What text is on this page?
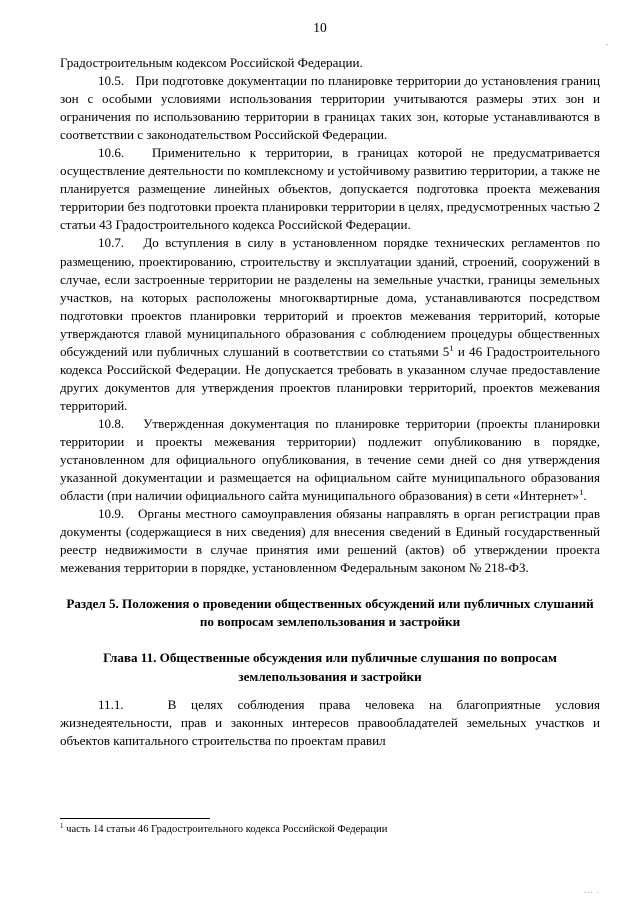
10
.

Градостроительным кодексом Российской Федерации.

10.5.   При подготовке документации по планировке территории до установления границ зон с особыми условиями использования территории учитываются размеры этих зон и ограничения по использованию территории в границах таких зон, которые устанавливаются в соответствии с законодательством Российской Федерации.

10.6.   Применительно к территории, в границах которой не предусматривается осуществление деятельности по комплексному и устойчивому развитию территории, а также не планируется размещение линейных объектов, допускается подготовка проекта межевания территории без подготовки проекта планировки территории в целях, предусмотренных частью 2 статьи 43 Градостроительного кодекса Российской Федерации.

10.7.   До вступления в силу в установленном порядке технических регламентов по размещению, проектированию, строительству и эксплуатации зданий, строений, сооружений в случае, если застроенные территории не разделены на земельные участки, границы земельных участков, на которых расположены многоквартирные дома, устанавливаются посредством подготовки проектов планировки территорий и проектов межевания территорий, которые утверждаются главой муниципального образования с соблюдением процедуры общественных обсуждений или публичных слушаний в соответствии со статьями $5^1$ и 46 Градостроительного кодекса Российской Федерации. Не допускается требовать в указанном случае предоставление других документов для утверждения проектов планировки территорий, проектов межевания территорий.

10.8.   Утвержденная документация по планировке территории (проекты планировки территории и проекты межевания территории) подлежит опубликованию в порядке, установленном для официального опубликования, в течение семи дней со дня утверждения указанной документации и размещается на официальном сайте муниципального образования области (при наличии официального сайта муниципального образования) в сети «Интернет»$^1$.

10.9.   Органы местного самоуправления обязаны направлять в орган регистрации прав документы (содержащиеся в них сведения) для внесения сведений в Единый государственный реестр недвижимости в случае принятия ими решений (актов) об утверждении проекта межевания территории в порядке, установленном Федеральным законом № 218-ФЗ.

Раздел 5. Положения о проведении общественных обсуждений или публичных слушаний по вопросам землепользования и застройки

Глава 11. Общественные обсуждения или публичные слушания по вопросам землепользования и застройки

11.1.   В целях соблюдения права человека на благоприятные условия жизнедеятельности, прав и законных интересов правообладателей земельных участков и объектов капитального строительства по проектам правил

$^1$ часть 14 статьи 46 Градостроительного кодекса Российской Федерации
··· ·
